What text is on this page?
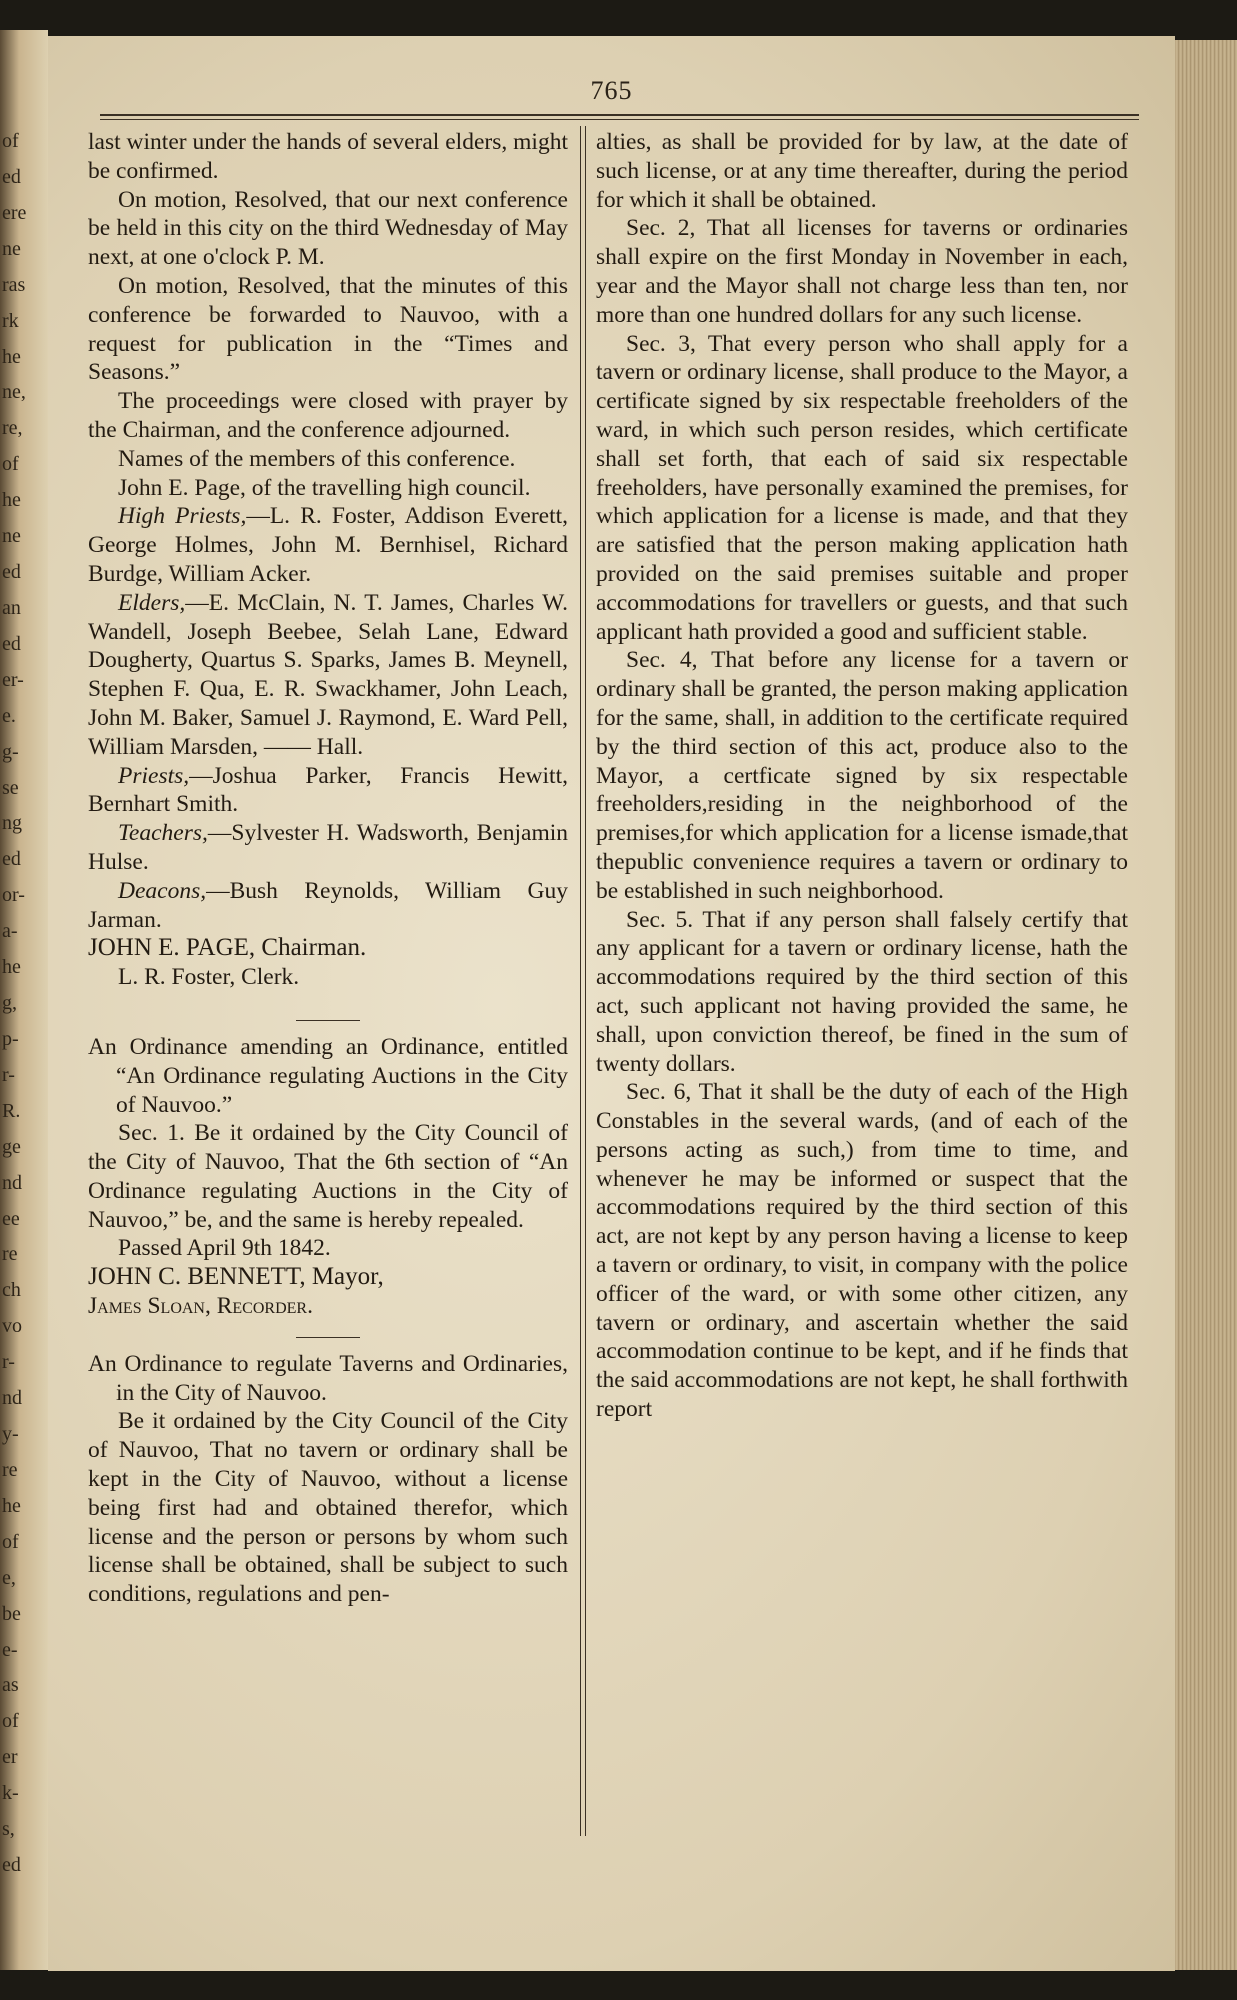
of
ed
ere
ne
ras
rk
he
ne,
re,
of
he
ne
ed
an
ed
er-
e.
g-
se
ng
ed
or-
a-
he
g,
p-
r-
R.
ge
nd
ee
re
ch
vo
r-
nd
y-
re
he
of
e,
be
e-
as
of
er
k-
s,
ed
765

last winter under the hands of several elders, might be confirmed.

On motion, Resolved, that our next conference be held in this city on the third Wednesday of May next, at one o'clock P. M.

On motion, Resolved, that the minutes of this conference be forwarded to Nauvoo, with a request for publication in the “Times and Seasons.”

The proceedings were closed with prayer by the Chairman, and the conference adjourned.

Names of the members of this conference.

John E. Page, of the travelling high council.

High Priests,—L. R. Foster, Addison Everett, George Holmes, John M. Bernhisel, Richard Burdge, William Acker.

Elders,—E. McClain, N. T. James, Charles W. Wandell, Joseph Beebee, Selah Lane, Edward Dougherty, Quartus S. Sparks, James B. Meynell, Stephen F. Qua, E. R. Swackhamer, John Leach, John M. Baker, Samuel J. Raymond, E. Ward Pell, William Marsden, —— Hall.

Priests,—Joshua Parker, Francis Hewitt, Bernhart Smith.

Teachers,—Sylvester H. Wadsworth, Benjamin Hulse.

Deacons,—Bush Reynolds, William Guy Jarman.

JOHN E. PAGE, Chairman.

L. R. Foster, Clerk.

An Ordinance amending an Ordinance, entitled “An Ordinance regulating Auctions in the City of Nauvoo.”

Sec. 1. Be it ordained by the City Council of the City of Nauvoo, That the 6th section of “An Ordinance regulating Auctions in the City of Nauvoo,” be, and the same is hereby repealed.

Passed April 9th 1842.

JOHN C. BENNETT, Mayor,

James Sloan, Recorder.

An Ordinance to regulate Taverns and Ordinaries, in the City of Nauvoo.

Be it ordained by the City Council of the City of Nauvoo, That no tavern or ordinary shall be kept in the City of Nauvoo, without a license being first had and obtained therefor, which license and the person or persons by whom such license shall be obtained, shall be subject to such conditions, regulations and pen-

alties, as shall be provided for by law, at the date of such license, or at any time thereafter, during the period for which it shall be obtained.

Sec. 2, That all licenses for taverns or ordinaries shall expire on the first Monday in November in each, year and the Mayor shall not charge less than ten, nor more than one hundred dollars for any such license.

Sec. 3, That every person who shall apply for a tavern or ordinary license, shall produce to the Mayor, a certificate signed by six respectable freeholders of the ward, in which such person resides, which certificate shall set forth, that each of said six respectable freeholders, have personally examined the premises, for which application for a license is made, and that they are satisfied that the person making application hath provided on the said premises suitable and proper accommodations for travellers or guests, and that such applicant hath provided a good and sufficient stable.

Sec. 4, That before any license for a tavern or ordinary shall be granted, the person making application for the same, shall, in addition to the certificate required by the third section of this act, produce also to the Mayor, a certficate signed by six respectable freeholders,residing in the neighborhood of the premises,for which application for a license ismade,that thepublic convenience requires a tavern or ordinary to be established in such neighborhood.

Sec. 5. That if any person shall falsely certify that any applicant for a tavern or ordinary license, hath the accommodations required by the third section of this act, such applicant not having provided the same, he shall, upon conviction thereof, be fined in the sum of twenty dollars.

Sec. 6, That it shall be the duty of each of the High Constables in the several wards, (and of each of the persons acting as such,) from time to time, and whenever he may be informed or suspect that the accommodations required by the third section of this act, are not kept by any person having a license to keep a tavern or ordinary, to visit, in company with the police officer of the ward, or with some other citizen, any tavern or ordinary, and ascertain whether the said accommodation continue to be kept, and if he finds that the said accommodations are not kept, he shall forthwith report
